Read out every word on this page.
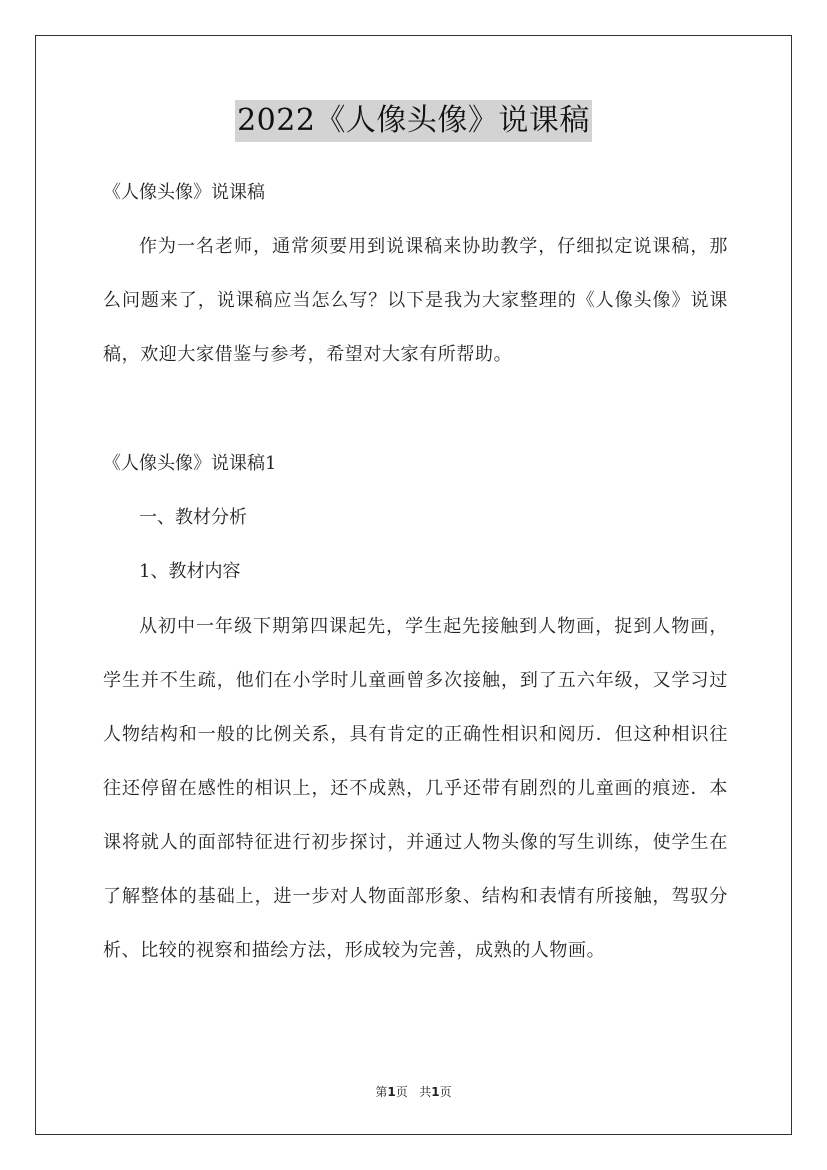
2022《人像头像》说课稿

《人像头像》说课稿

作为一名老师，通常须要用到说课稿来协助教学，仔细拟定说课稿，那么问题来了，说课稿应当怎么写？以下是我为大家整理的《人像头像》说课稿，欢迎大家借鉴与参考，希望对大家有所帮助。

《人像头像》说课稿1

一、教材分析

1、教材内容

从初中一年级下期第四课起先，学生起先接触到人物画，捉到人物画，学生并不生疏，他们在小学时儿童画曾多次接触，到了五六年级，又学习过人物结构和一般的比例关系，具有肯定的正确性相识和阅历．但这种相识往往还停留在感性的相识上，还不成熟，几乎还带有剧烈的儿童画的痕迹．本课将就人的面部特征进行初步探讨，并通过人物头像的写生训练，使学生在了解整体的基础上，进一步对人物面部形象、结构和表情有所接触，驾驭分析、比较的视察和描绘方法，形成较为完善，成熟的人物画。

第1页 共1页
